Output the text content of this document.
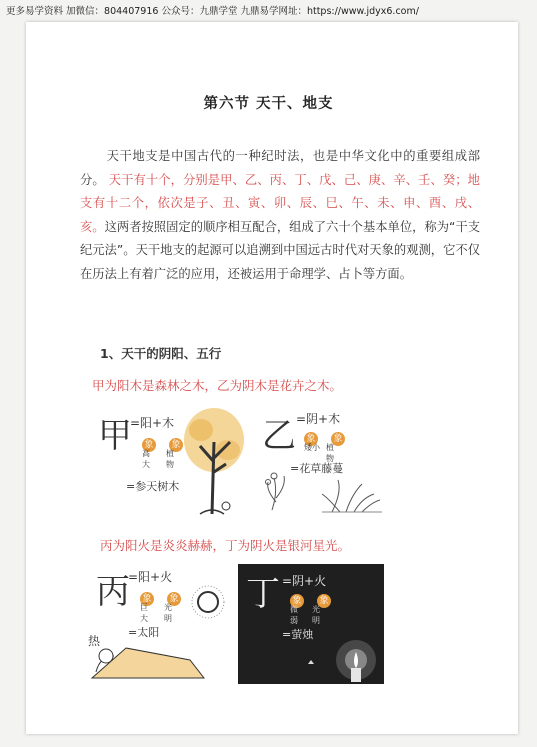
更多易学资料 加微信：804407916 公众号：九鼎学堂 九鼎易学网址：https://www.jdyx6.com/
第六节 天干、地支
天干地支是中国古代的一种纪时法，也是中华文化中的重要组成部分。 天干有十个，分别是甲、乙、丙、丁、戊、己、庚、辛、壬、癸；地支有十二个，依次是子、丑、寅、卯、辰、巳、午、未、申、酉、戌、亥。这两者按照固定的顺序相互配合，组成了六十个基本单位，称为“干支纪元法”。天干地支的起源可以追溯到中国远古时代对天象的观测，它不仅在历法上有着广泛的应用，还被运用于命理学、占卜等方面。
1、天干的阴阳、五行
甲为阳木是森林之木，乙为阴木是花卉之木。
甲
=阳+木
象 象
高大
植物
=参天树木
乙 =阴+木
象 象
矮小 植物
=花草藤蔓
丙为阳火是炎炎赫赫，丁为阴火是银河星光。
丙
=阳+火
象 象
巨大
光明
=太阳
热
丁 =阴+火
象 象
微弱
光明
=萤烛
